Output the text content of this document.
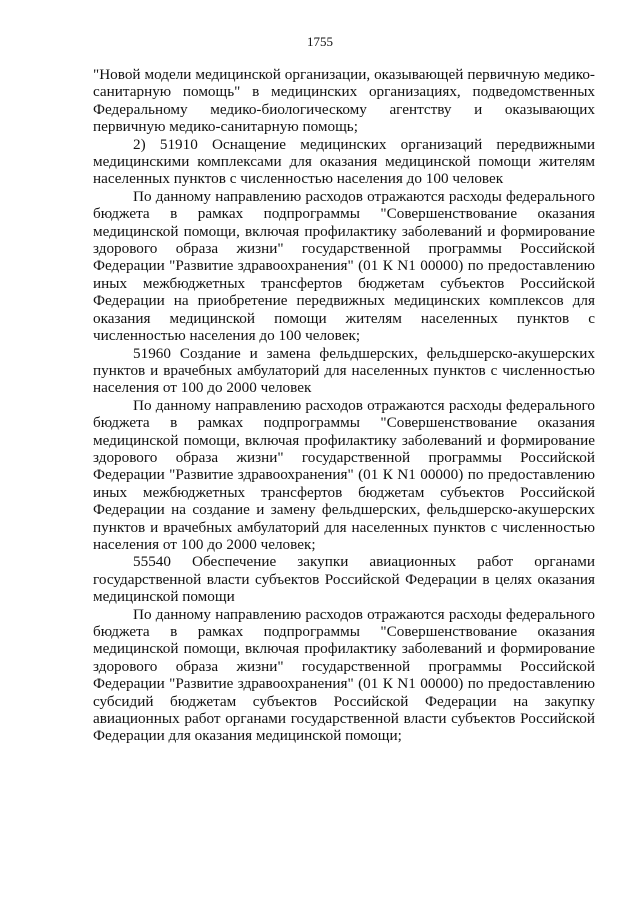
1755

"Новой модели медицинской организации, оказывающей первичную медико-санитарную помощь" в медицинских организациях, подведомственных Федеральному медико-биологическому агентству и оказывающих первичную медико-санитарную помощь;

2) 51910 Оснащение медицинских организаций передвижными медицинскими комплексами для оказания медицинской помощи жителям населенных пунктов с численностью населения до 100 человек

По данному направлению расходов отражаются расходы федерального бюджета в рамках подпрограммы "Совершенствование оказания медицинской помощи, включая профилактику заболеваний и формирование здорового образа жизни" государственной программы Российской Федерации "Развитие здравоохранения" (01 К N1 00000) по предоставлению иных межбюджетных трансфертов бюджетам субъектов Российской Федерации на приобретение передвижных медицинских комплексов для оказания медицинской помощи жителям населенных пунктов с численностью населения до 100 человек;

51960 Создание и замена фельдшерских, фельдшерско-акушерских пунктов и врачебных амбулаторий для населенных пунктов с численностью населения от 100 до 2000 человек

По данному направлению расходов отражаются расходы федерального бюджета в рамках подпрограммы "Совершенствование оказания медицинской помощи, включая профилактику заболеваний и формирование здорового образа жизни" государственной программы Российской Федерации "Развитие здравоохранения" (01 К N1 00000) по предоставлению иных межбюджетных трансфертов бюджетам субъектов Российской Федерации на создание и замену фельдшерских, фельдшерско-акушерских пунктов и врачебных амбулаторий для населенных пунктов с численностью населения от 100 до 2000 человек;

55540 Обеспечение закупки авиационных работ органами государственной власти субъектов Российской Федерации в целях оказания медицинской помощи

По данному направлению расходов отражаются расходы федерального бюджета в рамках подпрограммы "Совершенствование оказания медицинской помощи, включая профилактику заболеваний и формирование здорового образа жизни" государственной программы Российской Федерации "Развитие здравоохранения" (01 К N1 00000) по предоставлению субсидий бюджетам субъектов Российской Федерации на закупку авиационных работ органами государственной власти субъектов Российской Федерации для оказания медицинской помощи;
